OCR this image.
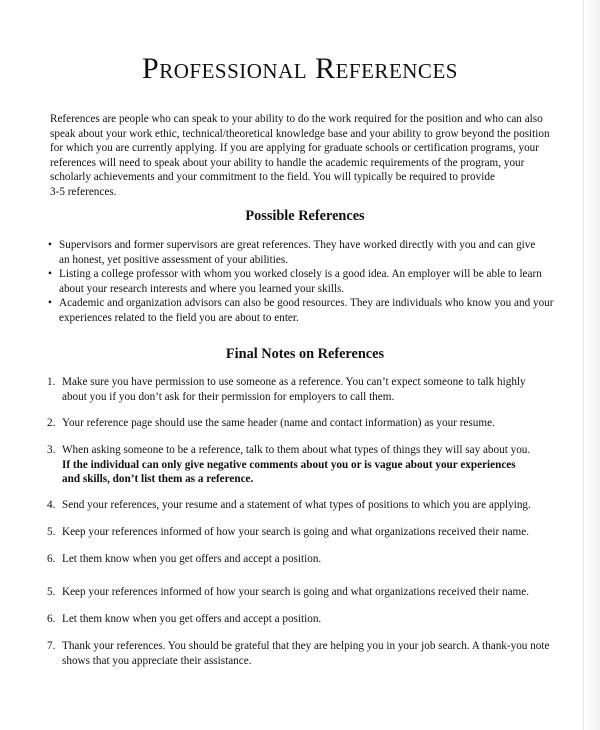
Professional References

References are people who can speak to your ability to do the work required for the position and who can also
speak about your work ethic, technical/theoretical knowledge base and your ability to grow beyond the position
for which you are currently applying. If you are applying for graduate schools or certification programs, your
references will need to speak about your ability to handle the academic requirements of the program, your
scholarly achievements and your commitment to the field. You will typically be required to provide
3-5 references.

Possible References
• Supervisors and former supervisors are great references. They have worked directly with you and can give
an honest, yet positive assessment of your abilities.
• Listing a college professor with whom you worked closely is a good idea. An employer will be able to learn
about your research interests and where you learned your skills.
• Academic and organization advisors can also be good resources. They are individuals who know you and your
experiences related to the field you are about to enter.
Final Notes on References
1. Make sure you have permission to use someone as a reference. You can’t expect someone to talk highly
about you if you don’t ask for their permission for employers to call them.
2. Your reference page should use the same header (name and contact information) as your resume.
3. When asking someone to be a reference, talk to them about what types of things they will say about you.
If the individual can only give negative comments about you or is vague about your experiences
and skills, don’t list them as a reference.
4. Send your references, your resume and a statement of what types of positions to which you are applying.
5. Keep your references informed of how your search is going and what organizations received their name.
6. Let them know when you get offers and accept a position.
5. Keep your references informed of how your search is going and what organizations received their name.
6. Let them know when you get offers and accept a position.
7. Thank your references. You should be grateful that they are helping you in your job search. A thank-you note
shows that you appreciate their assistance.
